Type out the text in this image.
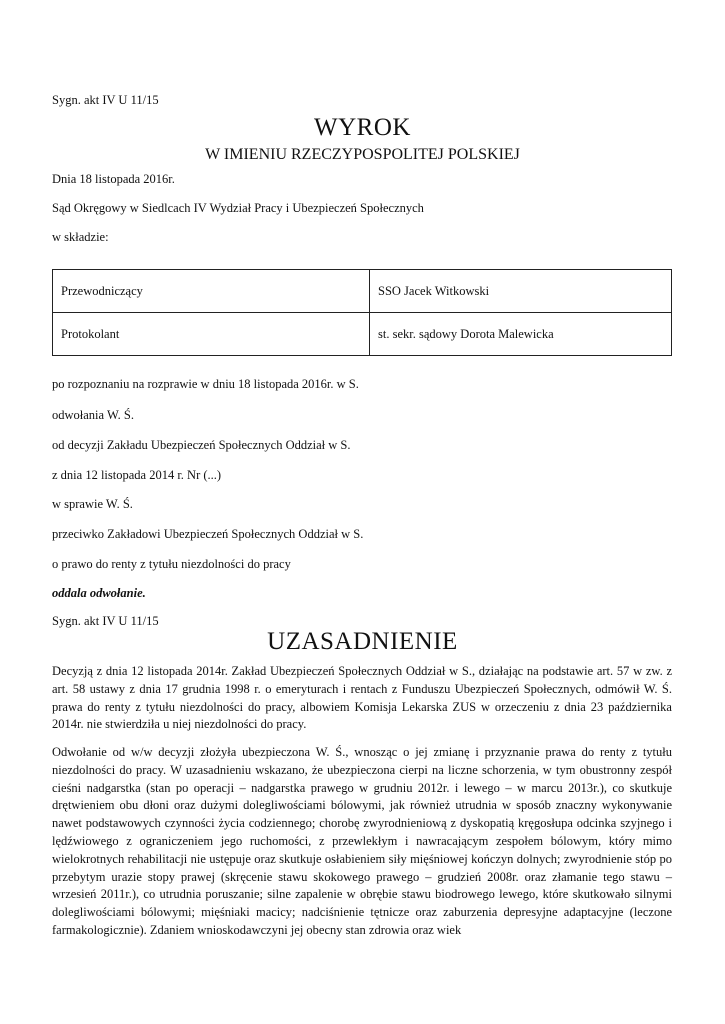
Sygn. akt IV U 11/15
WYROK
W IMIENIU RZECZYPOSPOLITEJ POLSKIEJ
Dnia 18 listopada 2016r.
Sąd Okręgowy w Siedlcach IV Wydział Pracy i Ubezpieczeń Społecznych
w składzie:
Przewodniczący	SSO Jacek Witkowski
Protokolant	st. sekr. sądowy Dorota Malewicka
po rozpoznaniu na rozprawie w dniu 18 listopada 2016r. w S.
odwołania W. Ś.
od decyzji Zakładu Ubezpieczeń Społecznych Oddział w S.
z dnia 12 listopada 2014 r. Nr (...)
w sprawie W. Ś.
przeciwko Zakładowi Ubezpieczeń Społecznych Oddział w S.
o prawo do renty z tytułu niezdolności do pracy
oddala odwołanie.
Sygn. akt IV U 11/15
UZASADNIENIE

Decyzją z dnia 12 listopada 2014r. Zakład Ubezpieczeń Społecznych Oddział w S., działając na podstawie art. 57 w zw. z art. 58 ustawy z dnia 17 grudnia 1998 r. o emeryturach i rentach z Funduszu Ubezpieczeń Społecznych, odmówił W. Ś. prawa do renty z tytułu niezdolności do pracy, albowiem Komisja Lekarska ZUS w orzeczeniu z dnia 23 października 2014r. nie stwierdziła u niej niezdolności do pracy.

Odwołanie od w/w decyzji złożyła ubezpieczona W. Ś., wnosząc o jej zmianę i przyznanie prawa do renty z tytułu niezdolności do pracy. W uzasadnieniu wskazano, że ubezpieczona cierpi na liczne schorzenia, w tym obustronny zespół cieśni nadgarstka (stan po operacji – nadgarstka prawego w grudniu 2012r. i lewego – w marcu 2013r.), co skutkuje drętwieniem obu dłoni oraz dużymi dolegliwościami bólowymi, jak również utrudnia w sposób znaczny wykonywanie nawet podstawowych czynności życia codziennego; chorobę zwyrodnieniową z dyskopatią kręgosłupa odcinka szyjnego i lędźwiowego z ograniczeniem jego ruchomości, z przewlekłym i nawracającym zespołem bólowym, który mimo wielokrotnych rehabilitacji nie ustępuje oraz skutkuje osłabieniem siły mięśniowej kończyn dolnych; zwyrodnienie stóp po przebytym urazie stopy prawej (skręcenie stawu skokowego prawego – grudzień 2008r. oraz złamanie tego stawu – wrzesień 2011r.), co utrudnia poruszanie; silne zapalenie w obrębie stawu biodrowego lewego, które skutkowało silnymi dolegliwościami bólowymi; mięśniaki macicy; nadciśnienie tętnicze oraz zaburzenia depresyjne adaptacyjne (leczone farmakologicznie). Zdaniem wnioskodawczyni jej obecny stan zdrowia oraz wiek
